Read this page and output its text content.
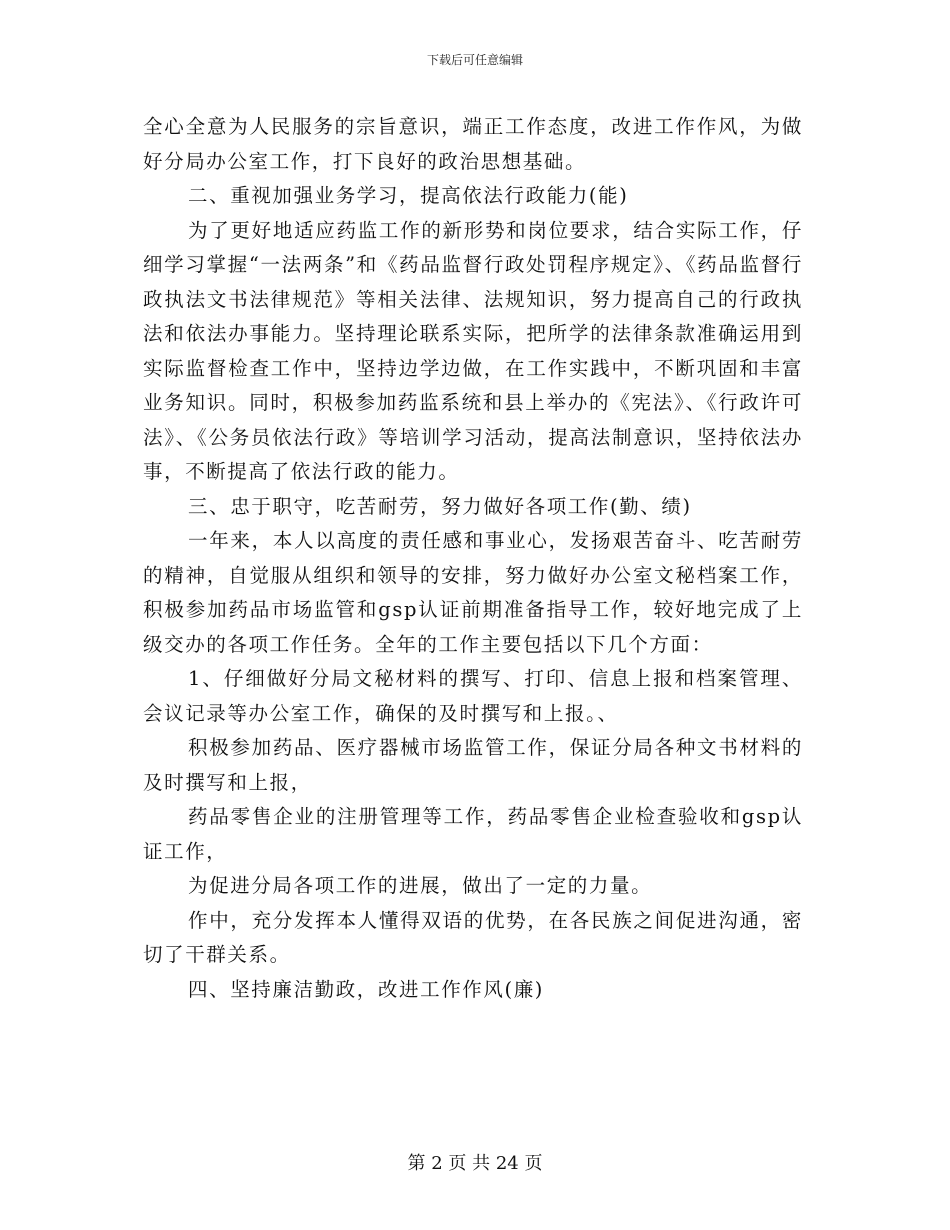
下载后可任意编辑

全心全意为人民服务的宗旨意识，端正工作态度，改进工作作风，为做好分局办公室工作，打下良好的政治思想基础。

二、重视加强业务学习，提高依法行政能力(能)

为了更好地适应药监工作的新形势和岗位要求，结合实际工作，仔细学习掌握“一法两条”和《药品监督行政处罚程序规定》、《药品监督行政执法文书法律规范》等相关法律、法规知识，努力提高自己的行政执法和依法办事能力。坚持理论联系实际，把所学的法律条款准确运用到实际监督检查工作中，坚持边学边做，在工作实践中，不断巩固和丰富业务知识。同时，积极参加药监系统和县上举办的《宪法》、《行政许可法》、《公务员依法行政》等培训学习活动，提高法制意识，坚持依法办事，不断提高了依法行政的能力。

三、忠于职守，吃苦耐劳，努力做好各项工作(勤、绩)

一年来，本人以高度的责任感和事业心，发扬艰苦奋斗、吃苦耐劳的精神，自觉服从组织和领导的安排，努力做好办公室文秘档案工作，积极参加药品市场监管和gsp认证前期准备指导工作，较好地完成了上级交办的各项工作任务。全年的工作主要包括以下几个方面：

1、仔细做好分局文秘材料的撰写、打印、信息上报和档案管理、会议记录等办公室工作，确保的及时撰写和上报。、

积极参加药品、医疗器械市场监管工作，保证分局各种文书材料的及时撰写和上报，

药品零售企业的注册管理等工作，药品零售企业检查验收和gsp认证工作，

为促进分局各项工作的进展，做出了一定的力量。

作中，充分发挥本人懂得双语的优势，在各民族之间促进沟通，密切了干群关系。

四、坚持廉洁勤政，改进工作作风(廉)

第 2 页 共 24 页
